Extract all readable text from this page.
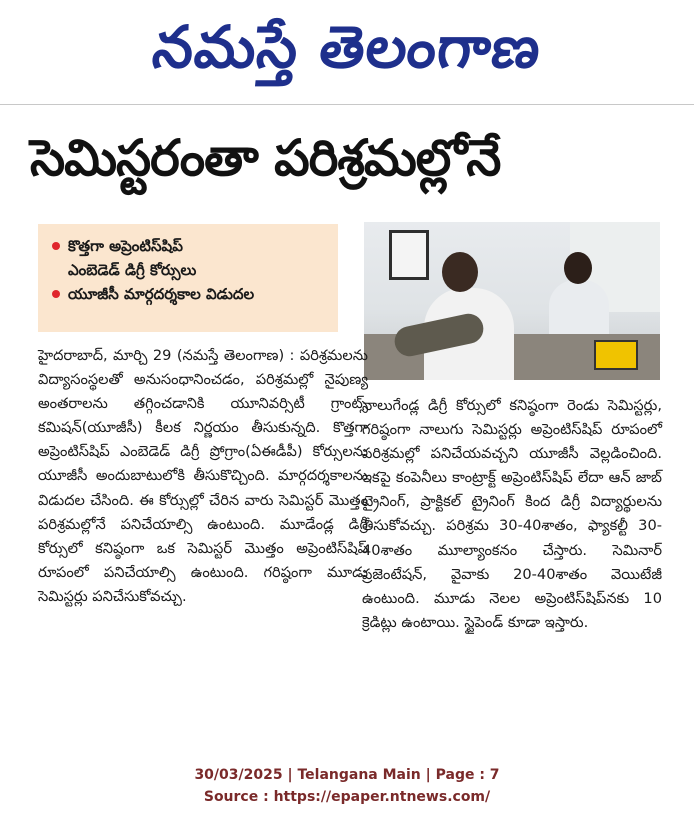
నమస్తే తెలంగాణ
సెమిస్టరంతా పరిశ్రమల్లోనే
కొత్తగా అప్రెంటిస్‌షిప్
ఎంబెడెడ్ డిగ్రీ కోర్సులు
యూజీసీ మార్గదర్శకాల విడుదల

హైదరాబాద్, మార్చి 29 (నమస్తే తెలంగాణ) : పరిశ్రమలను విద్యాసంస్థలతో అనుసంధానించడం, పరిశ్రమల్లో నైపుణ్య అంతరాలను తగ్గించడానికి యూనివర్సిటీ గ్రాంట్స్ కమిషన్(యూజీసీ) కీలక నిర్ణయం తీసుకున్నది. కొత్తగా అప్రెంటిస్‌షిప్ ఎంబెడెడ్ డిగ్రీ ప్రోగ్రాం(ఏఈడీపీ) కోర్సులను యూజీసీ అందుబాటులోకి తీసుకొచ్చింది. మార్గదర్శకాలను విడుదల చేసింది. ఈ కోర్సుల్లో చేరిన వారు సెమిస్టర్ మొత్తం పరిశ్రమల్లోనే పనిచేయాల్సి ఉంటుంది. మూడేండ్ల డిగ్రీ కోర్సులో కనిష్ఠంగా ఒక సెమిస్టర్ మొత్తం అప్రెంటిస్‌షిప్ రూపంలో పనిచేయాల్సి ఉంటుంది. గరిష్ఠంగా మూడు సెమిస్టర్లు పనిచేసుకోవచ్చు.

నాలుగేండ్ల డిగ్రీ కోర్సులో కనిష్ఠంగా రెండు సెమిస్టర్లు, గరిష్ఠంగా నాలుగు సెమిస్టర్లు అప్రెంటిస్‌షిప్ రూపంలో పరిశ్రమల్లో పనిచేయవచ్చని యూజీసీ వెల్లడించింది. ఇకపై కంపెనీలు కాంట్రాక్ట్ అప్రెంటిస్‌షిప్ లేదా ఆన్ జాబ్ ట్రైనింగ్, ప్రాక్టికల్ ట్రైనింగ్ కింద డిగ్రీ విద్యార్థులను తీసుకోవచ్చు. పరిశ్రమ 30-40శాతం, ఫ్యాకల్టీ 30-40శాతం మూల్యాంకనం చేస్తారు. సెమినార్ ప్రజెంటేషన్, వైవాకు 20-40శాతం వెయిటేజీ ఉంటుంది. మూడు నెలల అప్రెంటిస్‌షిప్‌నకు 10 క్రెడిట్లు ఉంటాయి. స్టైపెండ్ కూడా ఇస్తారు.

30/03/2025 | Telangana Main | Page : 7
Source : https://epaper.ntnews.com/
